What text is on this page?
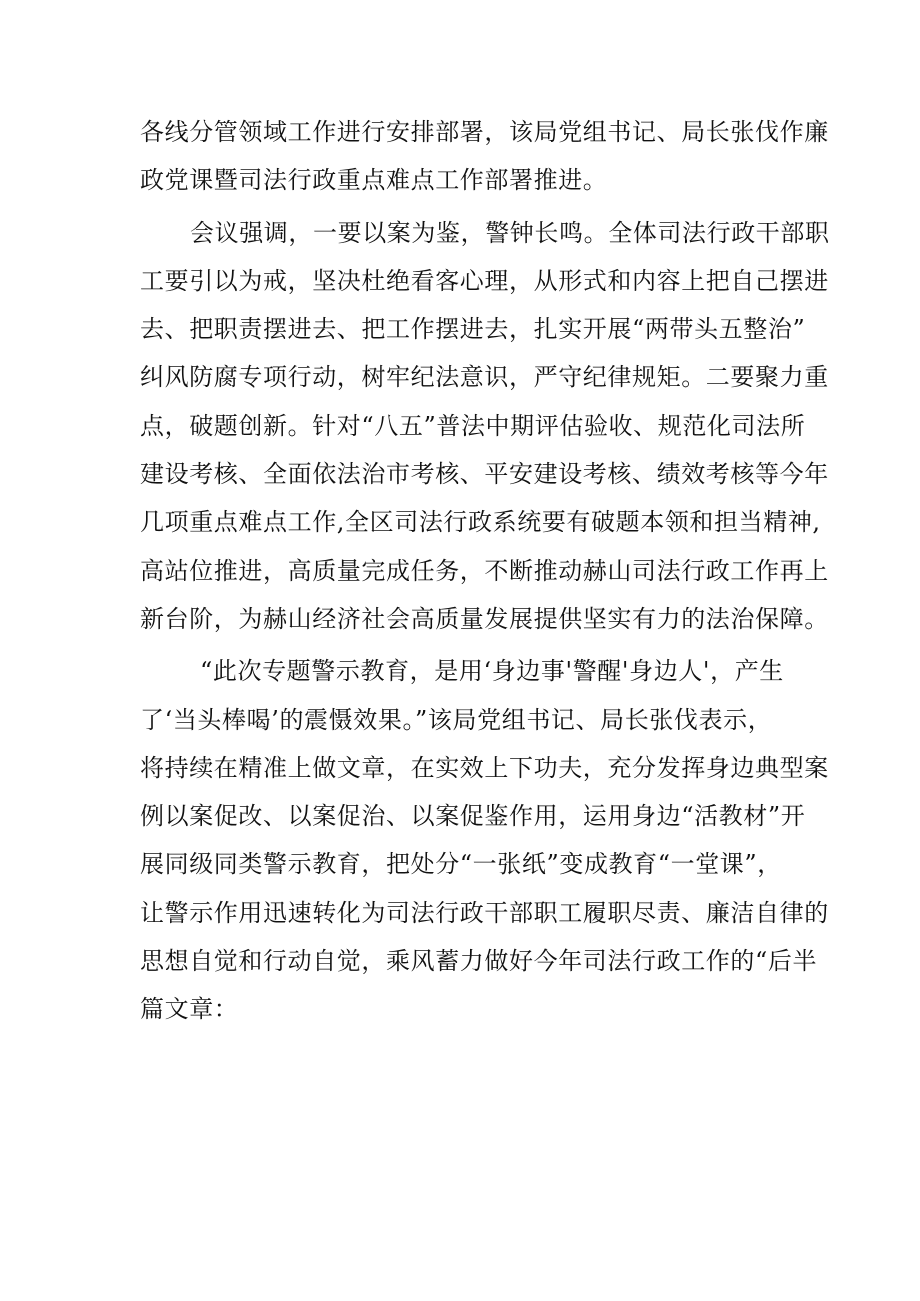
各线分管领域工作进行安排部署，该局党组书记、局长张伐作廉
政党课暨司法行政重点难点工作部署推进。
会议强调，一要以案为鉴，警钟长鸣。全体司法行政干部职
工要引以为戒，坚决杜绝看客心理，从形式和内容上把自己摆进
去、把职责摆进去、把工作摆进去，扎实开展“两带头五整治”
纠风防腐专项行动，树牢纪法意识，严守纪律规矩。二要聚力重
点，破题创新。针对“八五”普法中期评估验收、规范化司法所
建设考核、全面依法治市考核、平安建设考核、绩效考核等今年
几项重点难点工作,全区司法行政系统要有破题本领和担当精神,
高站位推进，高质量完成任务，不断推动赫山司法行政工作再上
新台阶，为赫山经济社会高质量发展提供坚实有力的法治保障。
“此次专题警示教育，是用‘身边事'警醒'身边人'，产生
了‘当头棒喝’的震慑效果。”该局党组书记、局长张伐表示，
将持续在精准上做文章，在实效上下功夫，充分发挥身边典型案
例以案促改、以案促治、以案促鉴作用，运用身边“活教材”开
展同级同类警示教育，把处分“一张纸”变成教育“一堂课”，
让警示作用迅速转化为司法行政干部职工履职尽责、廉洁自律的
思想自觉和行动自觉，乘风蓄力做好今年司法行政工作的“后半
篇文章：
